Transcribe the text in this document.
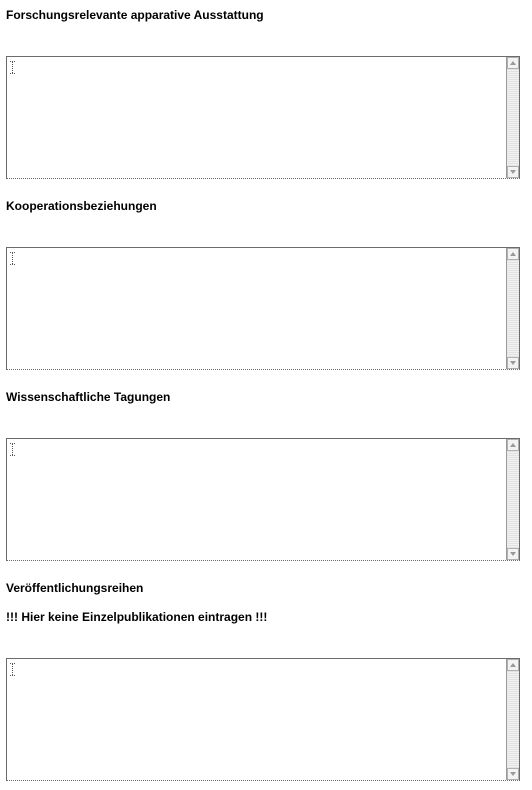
Forschungsrelevante apparative Ausstattung
Kooperationsbeziehungen
Wissenschaftliche Tagungen
Veröffentlichungsreihen
!!! Hier keine Einzelpublikationen eintragen !!!
